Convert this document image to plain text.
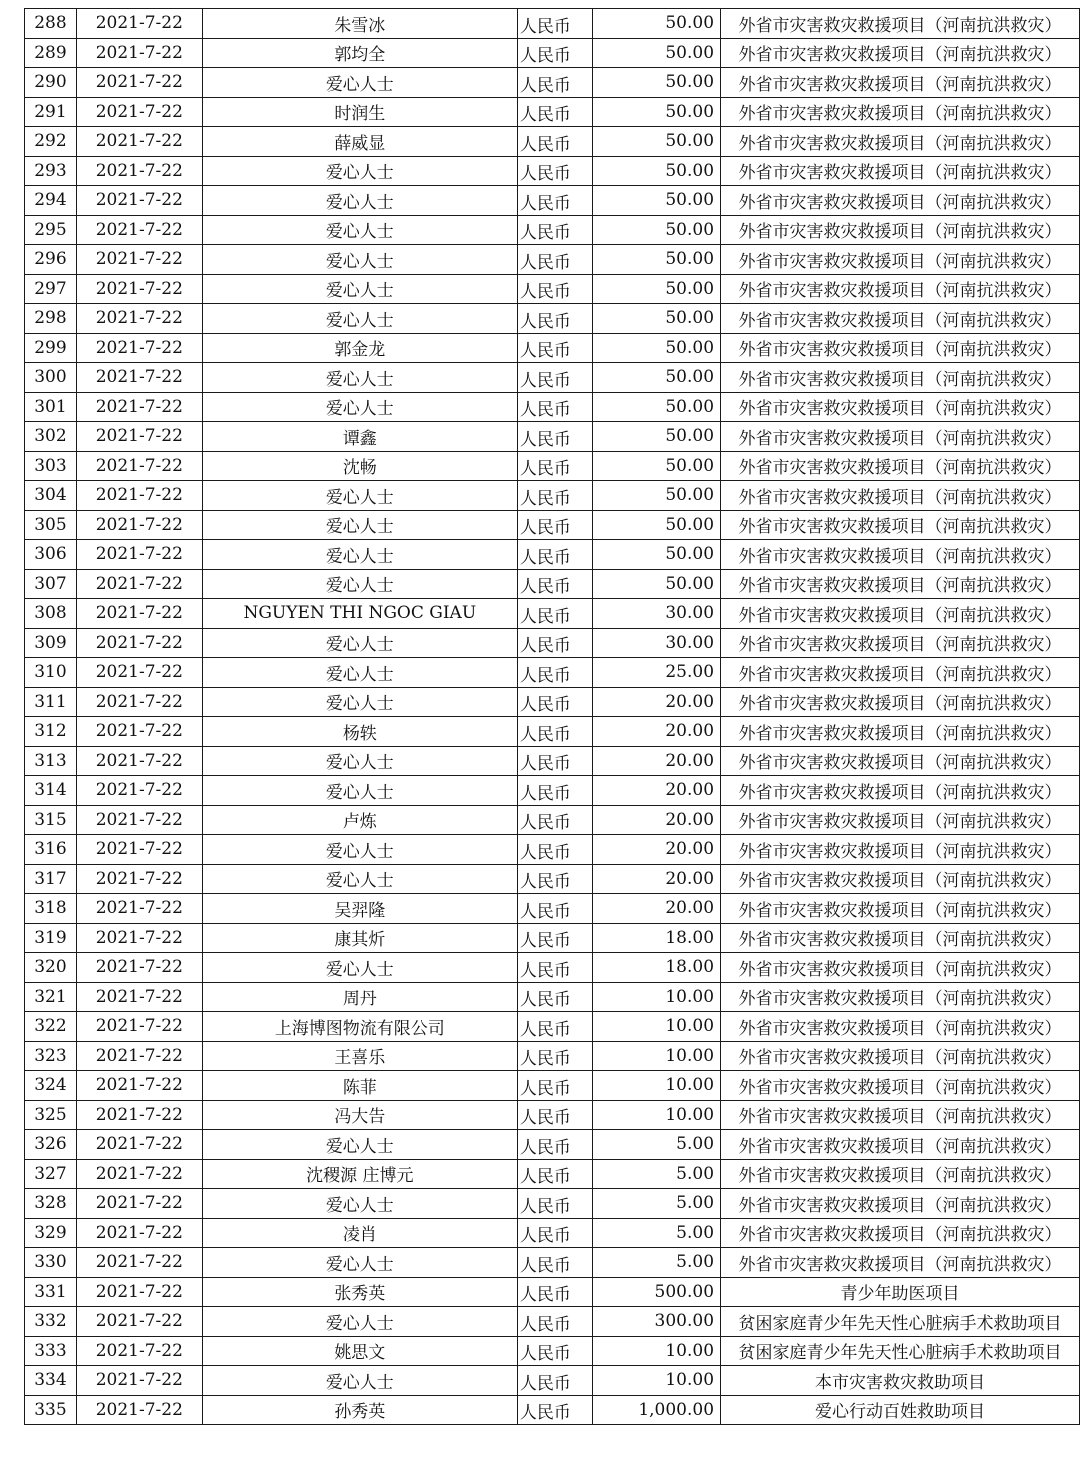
288	2021-7-22	朱雪冰	人民币	50.00	外省市灾害救灾救援项目（河南抗洪救灾）
289	2021-7-22	郭均全	人民币	50.00	外省市灾害救灾救援项目（河南抗洪救灾）
290	2021-7-22	爱心人士	人民币	50.00	外省市灾害救灾救援项目（河南抗洪救灾）
291	2021-7-22	时润生	人民币	50.00	外省市灾害救灾救援项目（河南抗洪救灾）
292	2021-7-22	薛威显	人民币	50.00	外省市灾害救灾救援项目（河南抗洪救灾）
293	2021-7-22	爱心人士	人民币	50.00	外省市灾害救灾救援项目（河南抗洪救灾）
294	2021-7-22	爱心人士	人民币	50.00	外省市灾害救灾救援项目（河南抗洪救灾）
295	2021-7-22	爱心人士	人民币	50.00	外省市灾害救灾救援项目（河南抗洪救灾）
296	2021-7-22	爱心人士	人民币	50.00	外省市灾害救灾救援项目（河南抗洪救灾）
297	2021-7-22	爱心人士	人民币	50.00	外省市灾害救灾救援项目（河南抗洪救灾）
298	2021-7-22	爱心人士	人民币	50.00	外省市灾害救灾救援项目（河南抗洪救灾）
299	2021-7-22	郭金龙	人民币	50.00	外省市灾害救灾救援项目（河南抗洪救灾）
300	2021-7-22	爱心人士	人民币	50.00	外省市灾害救灾救援项目（河南抗洪救灾）
301	2021-7-22	爱心人士	人民币	50.00	外省市灾害救灾救援项目（河南抗洪救灾）
302	2021-7-22	谭鑫	人民币	50.00	外省市灾害救灾救援项目（河南抗洪救灾）
303	2021-7-22	沈畅	人民币	50.00	外省市灾害救灾救援项目（河南抗洪救灾）
304	2021-7-22	爱心人士	人民币	50.00	外省市灾害救灾救援项目（河南抗洪救灾）
305	2021-7-22	爱心人士	人民币	50.00	外省市灾害救灾救援项目（河南抗洪救灾）
306	2021-7-22	爱心人士	人民币	50.00	外省市灾害救灾救援项目（河南抗洪救灾）
307	2021-7-22	爱心人士	人民币	50.00	外省市灾害救灾救援项目（河南抗洪救灾）
308	2021-7-22	NGUYEN THI NGOC GIAU	人民币	30.00	外省市灾害救灾救援项目（河南抗洪救灾）
309	2021-7-22	爱心人士	人民币	30.00	外省市灾害救灾救援项目（河南抗洪救灾）
310	2021-7-22	爱心人士	人民币	25.00	外省市灾害救灾救援项目（河南抗洪救灾）
311	2021-7-22	爱心人士	人民币	20.00	外省市灾害救灾救援项目（河南抗洪救灾）
312	2021-7-22	杨轶	人民币	20.00	外省市灾害救灾救援项目（河南抗洪救灾）
313	2021-7-22	爱心人士	人民币	20.00	外省市灾害救灾救援项目（河南抗洪救灾）
314	2021-7-22	爱心人士	人民币	20.00	外省市灾害救灾救援项目（河南抗洪救灾）
315	2021-7-22	卢炼	人民币	20.00	外省市灾害救灾救援项目（河南抗洪救灾）
316	2021-7-22	爱心人士	人民币	20.00	外省市灾害救灾救援项目（河南抗洪救灾）
317	2021-7-22	爱心人士	人民币	20.00	外省市灾害救灾救援项目（河南抗洪救灾）
318	2021-7-22	吴羿隆	人民币	20.00	外省市灾害救灾救援项目（河南抗洪救灾）
319	2021-7-22	康其炘	人民币	18.00	外省市灾害救灾救援项目（河南抗洪救灾）
320	2021-7-22	爱心人士	人民币	18.00	外省市灾害救灾救援项目（河南抗洪救灾）
321	2021-7-22	周丹	人民币	10.00	外省市灾害救灾救援项目（河南抗洪救灾）
322	2021-7-22	上海博图物流有限公司	人民币	10.00	外省市灾害救灾救援项目（河南抗洪救灾）
323	2021-7-22	王喜乐	人民币	10.00	外省市灾害救灾救援项目（河南抗洪救灾）
324	2021-7-22	陈菲	人民币	10.00	外省市灾害救灾救援项目（河南抗洪救灾）
325	2021-7-22	冯大告	人民币	10.00	外省市灾害救灾救援项目（河南抗洪救灾）
326	2021-7-22	爱心人士	人民币	5.00	外省市灾害救灾救援项目（河南抗洪救灾）
327	2021-7-22	沈稷源 庄博元	人民币	5.00	外省市灾害救灾救援项目（河南抗洪救灾）
328	2021-7-22	爱心人士	人民币	5.00	外省市灾害救灾救援项目（河南抗洪救灾）
329	2021-7-22	凌肖	人民币	5.00	外省市灾害救灾救援项目（河南抗洪救灾）
330	2021-7-22	爱心人士	人民币	5.00	外省市灾害救灾救援项目（河南抗洪救灾）
331	2021-7-22	张秀英	人民币	500.00	青少年助医项目
332	2021-7-22	爱心人士	人民币	300.00	贫困家庭青少年先天性心脏病手术救助项目
333	2021-7-22	姚思文	人民币	10.00	贫困家庭青少年先天性心脏病手术救助项目
334	2021-7-22	爱心人士	人民币	10.00	本市灾害救灾救助项目
335	2021-7-22	孙秀英	人民币	1,000.00	爱心行动百姓救助项目
